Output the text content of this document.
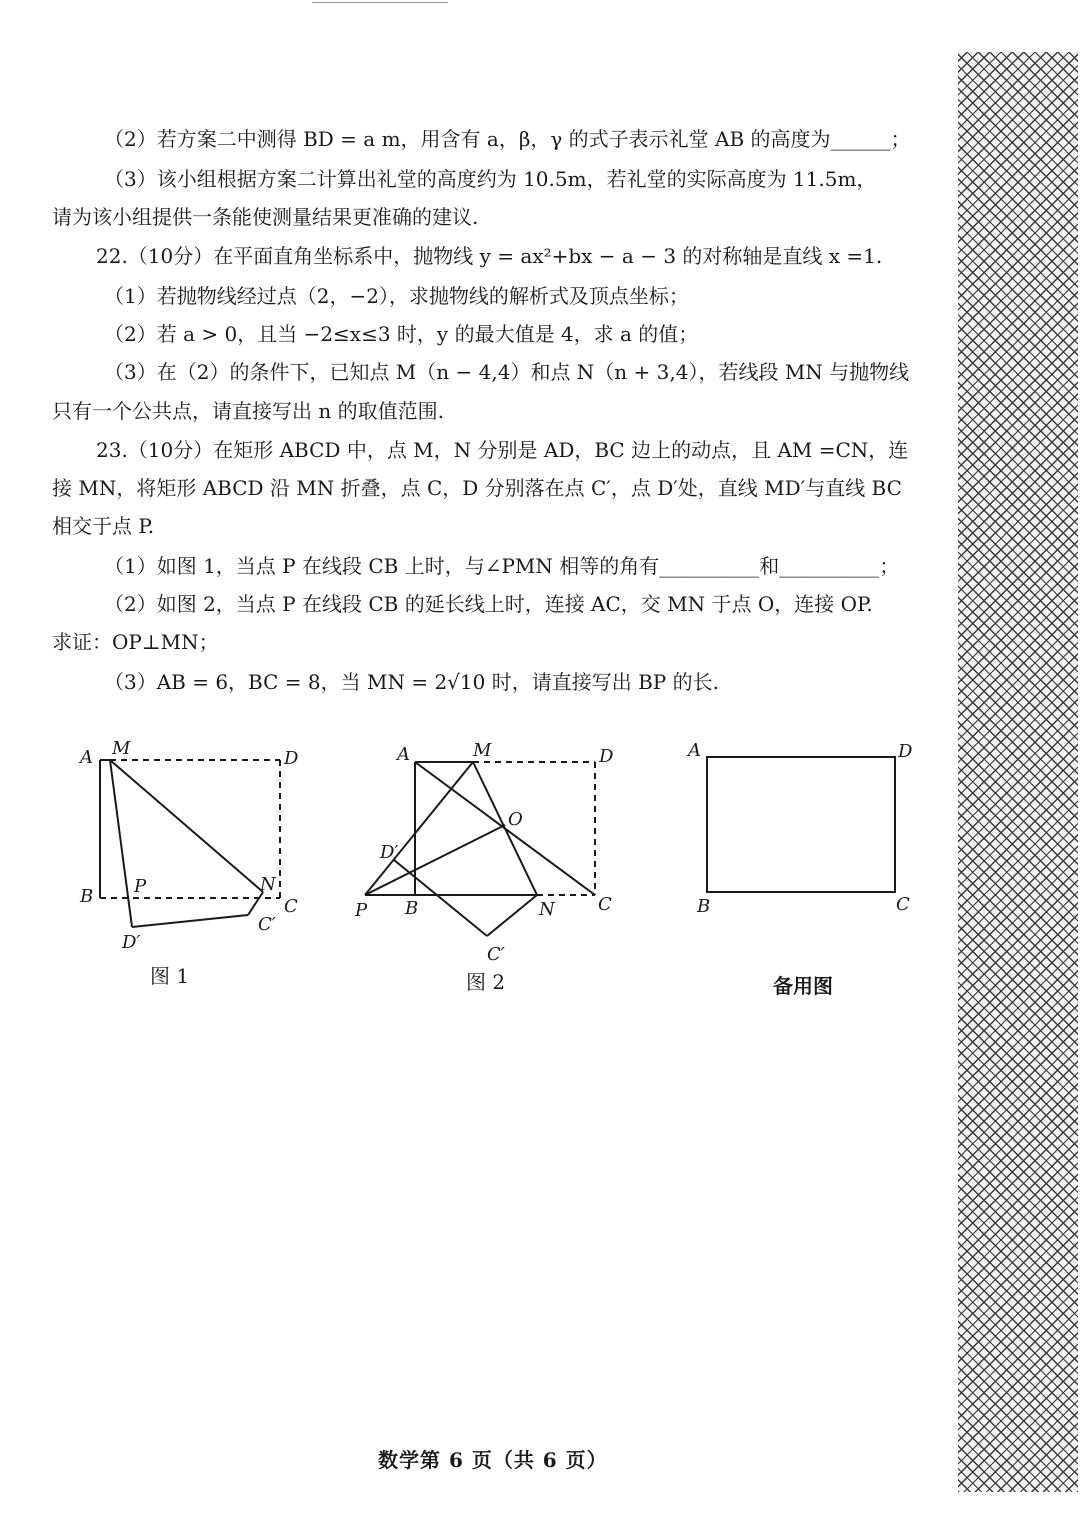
（2）若方案二中测得 BD = a m，用含有 a，β，γ 的式子表示礼堂 AB 的高度为______；
（3）该小组根据方案二计算出礼堂的高度约为 10.5m，若礼堂的实际高度为 11.5m，
请为该小组提供一条能使测量结果更准确的建议.
22.（10分）在平面直角坐标系中，抛物线 y = ax²+bx − a − 3 的对称轴是直线 x =1.
（1）若抛物线经过点（2，−2），求抛物线的解析式及顶点坐标；
（2）若 a > 0，且当 −2≤x≤3 时，y 的最大值是 4，求 a 的值；
（3）在（2）的条件下，已知点 M（n − 4,4）和点 N（n + 3,4），若线段 MN 与抛物线
只有一个公共点，请直接写出 n 的取值范围.
23.（10分）在矩形 ABCD 中，点 M，N 分别是 AD，BC 边上的动点，且 AM =CN，连
接 MN，将矩形 ABCD 沿 MN 折叠，点 C，D 分别落在点 C′，点 D′处，直线 MD′与直线 BC
相交于点 P.
（1）如图 1，当点 P 在线段 CB 上时，与∠PMN 相等的角有__________和__________；
（2）如图 2，当点 P 在线段 CB 的延长线上时，连接 AC，交 MN 于点 O，连接 OP.
求证：OP⊥MN；
（3）AB = 6，BC = 8，当 MN = 2√10 时，请直接写出 BP 的长.
A M	D
B P	N
C
C′
D′
图 1
A	M	D
O
D′
P B	N C
C′
图 2
A	D
B	C
备用图
数学第 6 页（共 6 页）
